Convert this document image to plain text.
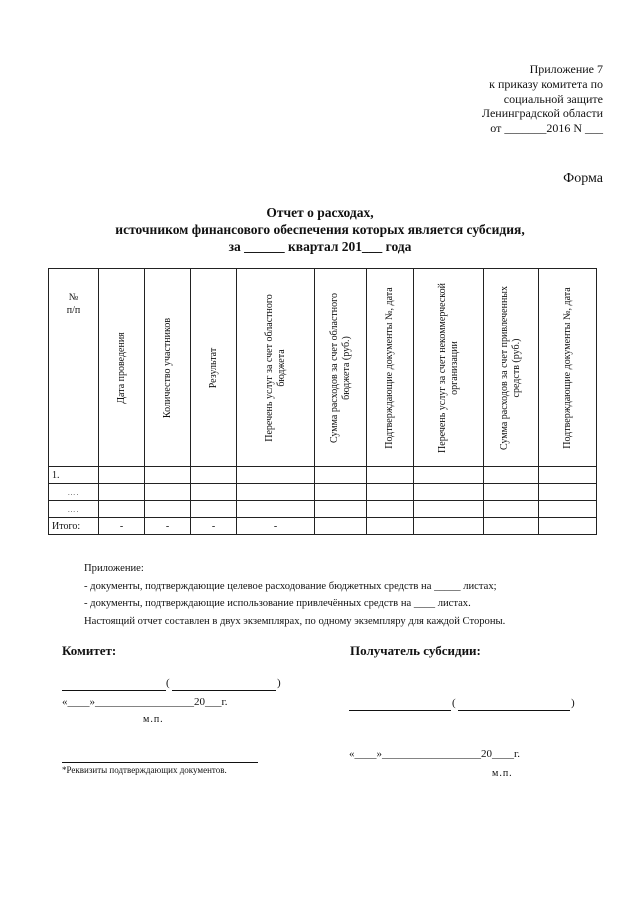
Приложение 7
к приказу комитета по
социальной защите
Ленинградской области
от _______2016 N ___
Форма
Отчет о расходах,
источником финансового обеспечения которых является субсидия,
за ______ квартал 201___ года
№
п/п	Дата проведения	Количество участников	Результат	Перечень услуг за счет областного бюджета	Сумма расходов за счет областного бюджета (руб.)	Подтверждающие документы №, дата	Перечень услуг за счет некоммерческой организации	Сумма расходов за счет привлеченных средств (руб.)	Подтверждающие документы №, дата

1.									
….									
….									
Итого:	-	-	-	-					
Приложение:
- документы, подтверждающие целевое расходование бюджетных средств на _____ листах;
- документы, подтверждающие использование привлечённых средств на ____ листах.
Настоящий отчет составлен в двух экземплярах, по одному экземпляру для каждой Стороны.
Комитет:
(	)
«____»__________________20___г.
м.п.
*Реквизиты подтверждающих документов.
Получатель субсидии:
(	)
«____»__________________20____г.
м.п.
